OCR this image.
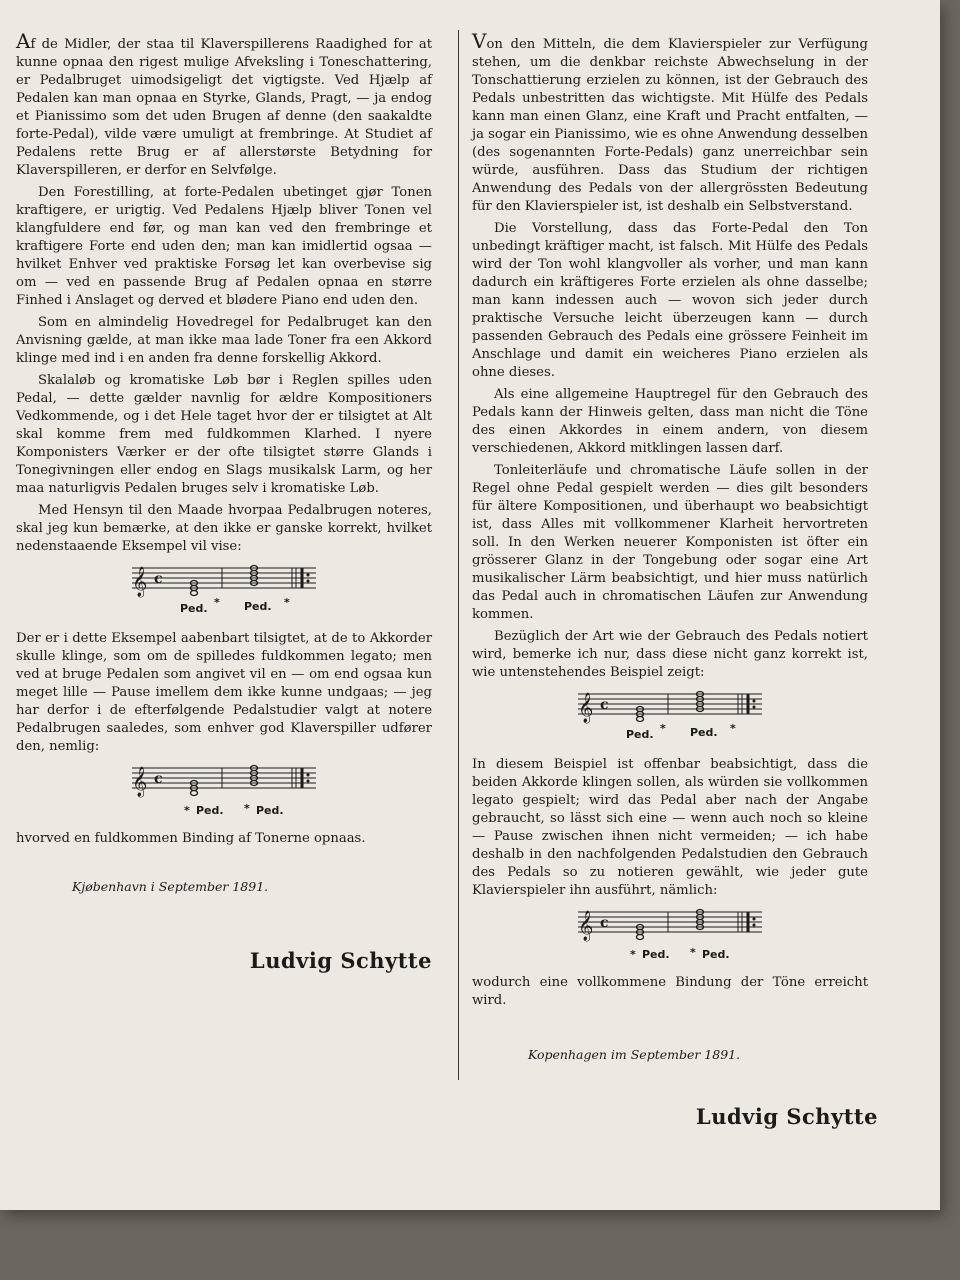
Af de Midler, der staa til Klaverspillerens Raadighed for at kunne opnaa den rigest mulige Afveksling i Toneschattering, er Pedalbruget uimodsigeligt det vigtigste. Ved Hjælp af Pedalen kan man opnaa en Styrke, Glands, Pragt, — ja endog et Pianissimo som det uden Brugen af denne (den saakaldte forte-Pedal), vilde være umuligt at frembringe. At Studiet af Pedalens rette Brug er af allerstørste Betydning for Klaverspilleren, er derfor en Selvfølge.

Den Forestilling, at forte-Pedalen ubetinget gjør Tonen kraftigere, er urigtig. Ved Pedalens Hjælp bliver Tonen vel klangfuldere end før, og man kan ved den frembringe et kraftigere Forte end uden den; man kan imidlertid ogsaa — hvilket Enhver ved praktiske Forsøg let kan overbevise sig om — ved en passende Brug af Pedalen opnaa en større Finhed i Anslaget og derved et blødere Piano end uden den.

Som en almindelig Hovedregel for Pedalbruget kan den Anvisning gælde, at man ikke maa lade Toner fra een Akkord klinge med ind i en anden fra denne forskellig Akkord.

Skalaløb og kromatiske Løb bør i Reglen spilles uden Pedal, — dette gælder navnlig for ældre Kompositioners Vedkommende, og i det Hele taget hvor der er tilsigtet at Alt skal komme frem med fuldkommen Klarhed. I nyere Komponisters Værker er der ofte tilsigtet større Glands i Tonegivningen eller endog en Slags musikalsk Larm, og her maa naturligvis Pedalen bruges selv i kromatiske Løb.

Med Hensyn til den Maade hvorpaa Pedalbrugen noteres, skal jeg kun bemærke, at den ikke er ganske korrekt, hvilket nedenstaaende Eksempel vil vise:

𝄞 c
Ped. * Ped. *

Der er i dette Eksempel aabenbart tilsigtet, at de to Akkorder skulle klinge, som om de spilledes fuldkommen legato; men ved at bruge Pedalen som angivet vil en — om end ogsaa kun meget lille — Pause imellem dem ikke kunne undgaas; — jeg har derfor i de efterfølgende Pedalstudier valgt at notere Pedalbrugen saaledes, som enhver god Klaverspiller udfører den, nemlig:

𝄞 c
* Ped. * Ped.

hvorved en fuldkommen Binding af Tonerne opnaas.

Kjøbenhavn i September 1891.
Ludvig Schytte

Von den Mitteln, die dem Klavierspieler zur Verfügung stehen, um die denkbar reichste Abwechselung in der Tonschattierung erzielen zu können, ist der Gebrauch des Pedals unbestritten das wichtigste. Mit Hülfe des Pedals kann man einen Glanz, eine Kraft und Pracht entfalten, — ja sogar ein Pianissimo, wie es ohne Anwendung desselben (des sogenannten Forte-Pedals) ganz unerreichbar sein würde, ausführen. Dass das Studium der richtigen Anwendung des Pedals von der allergrössten Bedeutung für den Klavierspieler ist, ist deshalb ein Selbstverstand.

Die Vorstellung, dass das Forte-Pedal den Ton unbedingt kräftiger macht, ist falsch. Mit Hülfe des Pedals wird der Ton wohl klangvoller als vorher, und man kann dadurch ein kräftigeres Forte erzielen als ohne dasselbe; man kann indessen auch — wovon sich jeder durch praktische Versuche leicht überzeugen kann — durch passenden Gebrauch des Pedals eine grössere Feinheit im Anschlage und damit ein weicheres Piano erzielen als ohne dieses.

Als eine allgemeine Hauptregel für den Gebrauch des Pedals kann der Hinweis gelten, dass man nicht die Töne des einen Akkordes in einem andern, von diesem verschiedenen, Akkord mitklingen lassen darf.

Tonleiterläufe und chromatische Läufe sollen in der Regel ohne Pedal gespielt werden — dies gilt besonders für ältere Kompositionen, und überhaupt wo beabsichtigt ist, dass Alles mit vollkommener Klarheit hervortreten soll. In den Werken neuerer Komponisten ist öfter ein grösserer Glanz in der Tongebung oder sogar eine Art musikalischer Lärm beabsichtigt, und hier muss natürlich das Pedal auch in chromatischen Läufen zur Anwendung kommen.

Bezüglich der Art wie der Gebrauch des Pedals notiert wird, bemerke ich nur, dass diese nicht ganz korrekt ist, wie untenstehendes Beispiel zeigt:

𝄞 c
Ped. * Ped. *

In diesem Beispiel ist offenbar beabsichtigt, dass die beiden Akkorde klingen sollen, als würden sie vollkommen legato gespielt; wird das Pedal aber nach der Angabe gebraucht, so lässt sich eine — wenn auch noch so kleine — Pause zwischen ihnen nicht vermeiden; — ich habe deshalb in den nachfolgenden Pedalstudien den Gebrauch des Pedals so zu notieren gewählt, wie jeder gute Klavierspieler ihn ausführt, nämlich:

𝄞 c
* Ped. * Ped.

wodurch eine vollkommene Bindung der Töne erreicht wird.

Kopenhagen im September 1891.
Ludvig Schytte
